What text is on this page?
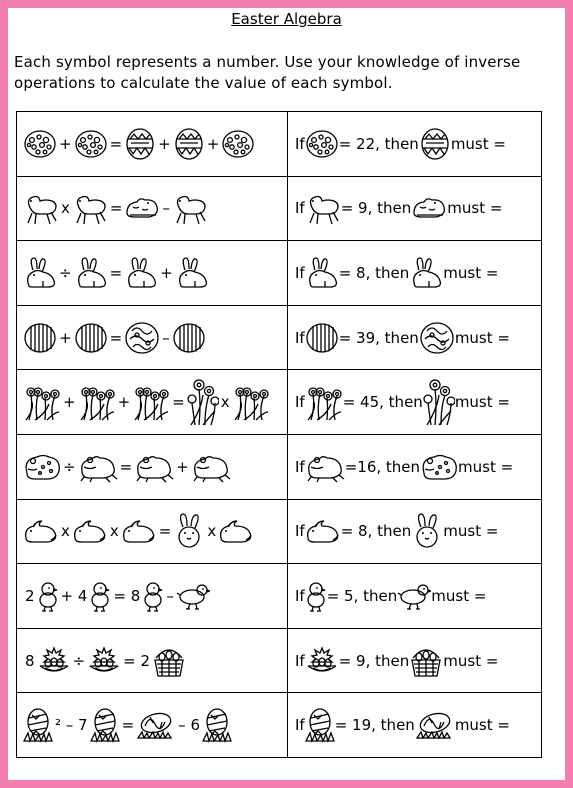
Easter Algebra
Each symbol represents a number. Use your knowledge of inverse operations to calculate the value of each symbol.
+ = + +	If = 22, then must =

x = –	If = 9, then must =

÷ = +	If = 8, then must =

+ = –	If = 39, then must =

+ + = x	If = 45, then must =

÷ = +	If =16, then must =

x x = x	If = 8, then must =

2 + 4 = 8 –	If = 5, then must =

8 ÷ = 2	If = 9, then must =

² – 7 = – 6	If = 19, then must =
